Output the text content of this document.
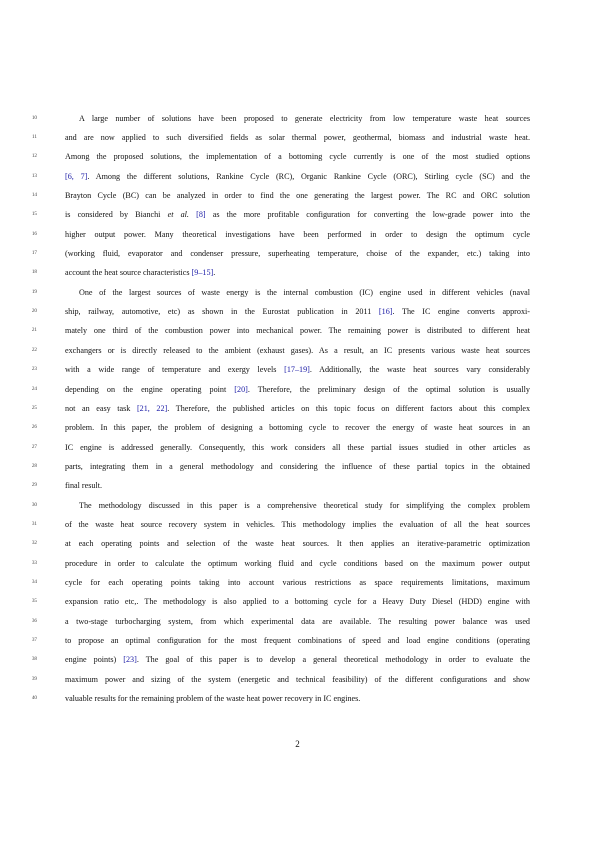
10	A large number of solutions have been proposed to generate electricity from low temperature waste heat sources
11	and are now applied to such diversified fields as solar thermal power, geothermal, biomass and industrial waste heat.
12	Among the proposed solutions, the implementation of a bottoming cycle currently is one of the most studied options
13	[6, 7]. Among the different solutions, Rankine Cycle (RC), Organic Rankine Cycle (ORC), Stirling cycle (SC) and the
14	Brayton Cycle (BC) can be analyzed in order to find the one generating the largest power. The RC and ORC solution
15	is considered by Bianchi et al. [8] as the more profitable configuration for converting the low-grade power into the
16	higher output power. Many theoretical investigations have been performed in order to design the optimum cycle
17	(working fluid, evaporator and condenser pressure, superheating temperature, choise of the expander, etc.) taking into
18	account the heat source characteristics [9–15].
19	One of the largest sources of waste energy is the internal combustion (IC) engine used in different vehicles (naval
20	ship, railway, automotive, etc) as shown in the Eurostat publication in 2011 [16]. The IC engine converts approxi-
21	mately one third of the combustion power into mechanical power. The remaining power is distributed to different heat
22	exchangers or is directly released to the ambient (exhaust gases). As a result, an IC presents various waste heat sources
23	with a wide range of temperature and exergy levels [17–19]. Additionally, the waste heat sources vary considerably
24	depending on the engine operating point [20]. Therefore, the preliminary design of the optimal solution is usually
25	not an easy task [21, 22]. Therefore, the published articles on this topic focus on different factors about this complex
26	problem. In this paper, the problem of designing a bottoming cycle to recover the energy of waste heat sources in an
27	IC engine is addressed generally. Consequently, this work considers all these partial issues studied in other articles as
28	parts, integrating them in a general methodology and considering the influence of these partial topics in the obtained
29	final result.
30	The methodology discussed in this paper is a comprehensive theoretical study for simplifying the complex problem
31	of the waste heat source recovery system in vehicles. This methodology implies the evaluation of all the heat sources
32	at each operating points and selection of the waste heat sources. It then applies an iterative-parametric optimization
33	procedure in order to calculate the optimum working fluid and cycle conditions based on the maximum power output
34	cycle for each operating points taking into account various restrictions as space requirements limitations, maximum
35	expansion ratio etc,. The methodology is also applied to a bottoming cycle for a Heavy Duty Diesel (HDD) engine with
36	a two-stage turbocharging system, from which experimental data are available. The resulting power balance was used
37	to propose an optimal configuration for the most frequent combinations of speed and load engine conditions (operating
38	engine points) [23]. The goal of this paper is to develop a general theoretical methodology in order to evaluate the
39	maximum power and sizing of the system (energetic and technical feasibility) of the different configurations and show
40	valuable results for the remaining problem of the waste heat power recovery in IC engines.
2
